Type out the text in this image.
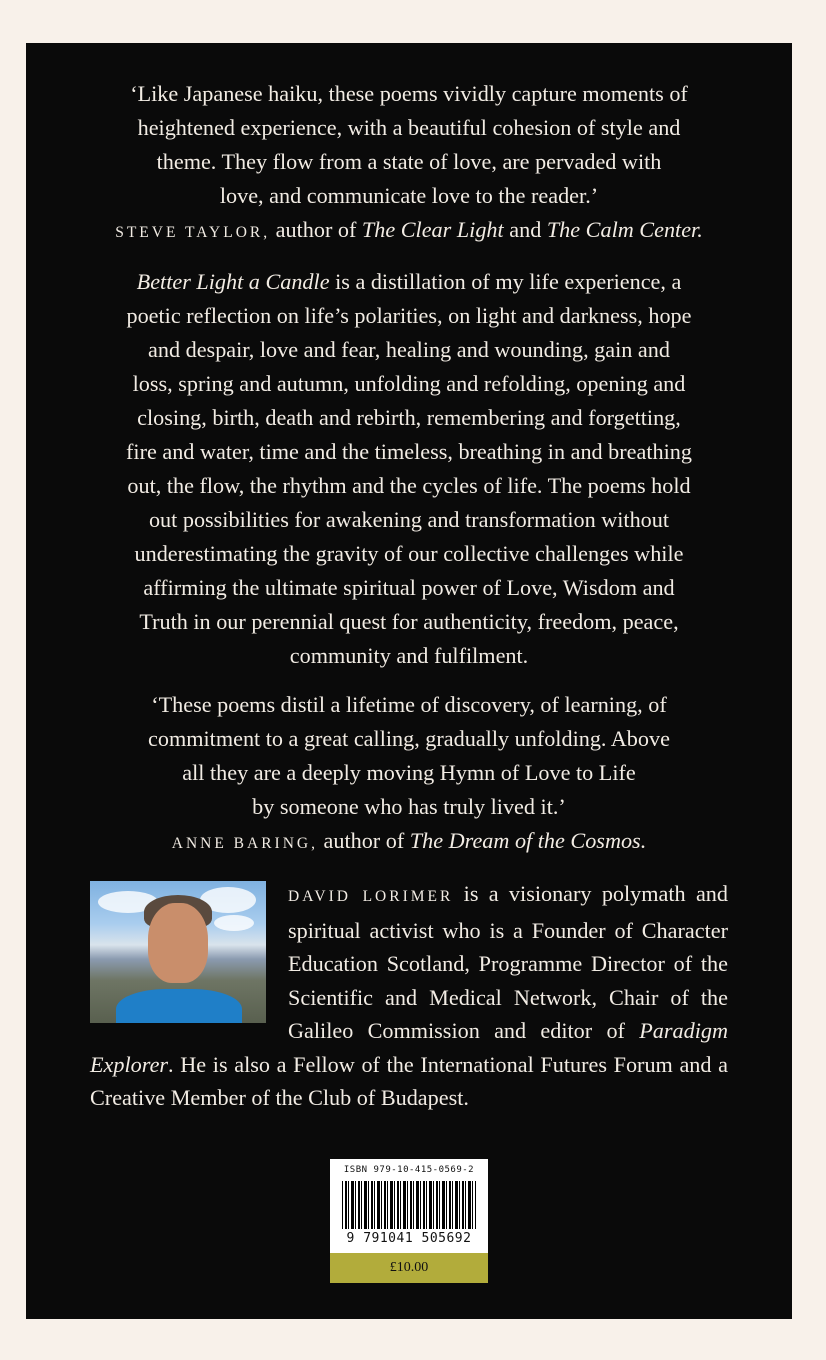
‘Like Japanese haiku, these poems vividly capture moments of
heightened experience, with a beautiful cohesion of style and
theme. They flow from a state of love, are pervaded with
love, and communicate love to the reader.’
STEVE TAYLOR, author of The Clear Light and The Calm Center.
Better Light a Candle is a distillation of my life experience, a
poetic reflection on life’s polarities, on light and darkness, hope
and despair, love and fear, healing and wounding, gain and
loss, spring and autumn, unfolding and refolding, opening and
closing, birth, death and rebirth, remembering and forgetting,
fire and water, time and the timeless, breathing in and breathing
out, the flow, the rhythm and the cycles of life. The poems hold
out possibilities for awakening and transformation without
underestimating the gravity of our collective challenges while
affirming the ultimate spiritual power of Love, Wisdom and
Truth in our perennial quest for authenticity, freedom, peace,
community and fulfilment.
‘These poems distil a lifetime of discovery, of learning, of
commitment to a great calling, gradually unfolding. Above
all they are a deeply moving Hymn of Love to Life
by someone who has truly lived it.’
ANNE BARING, author of The Dream of the Cosmos.
DAVID LORIMER is a visionary polymath and spiritual activist who is a Founder of Character Education Scotland, Programme Director of the Scientific and Medical Network, Chair of the Galileo Commission and editor of Paradigm Explorer. He is also a Fellow of the International Futures Forum and a Creative Member of the Club of Budapest.
ISBN 979-10-415-0569-2
9 791041 505692
£10.00
